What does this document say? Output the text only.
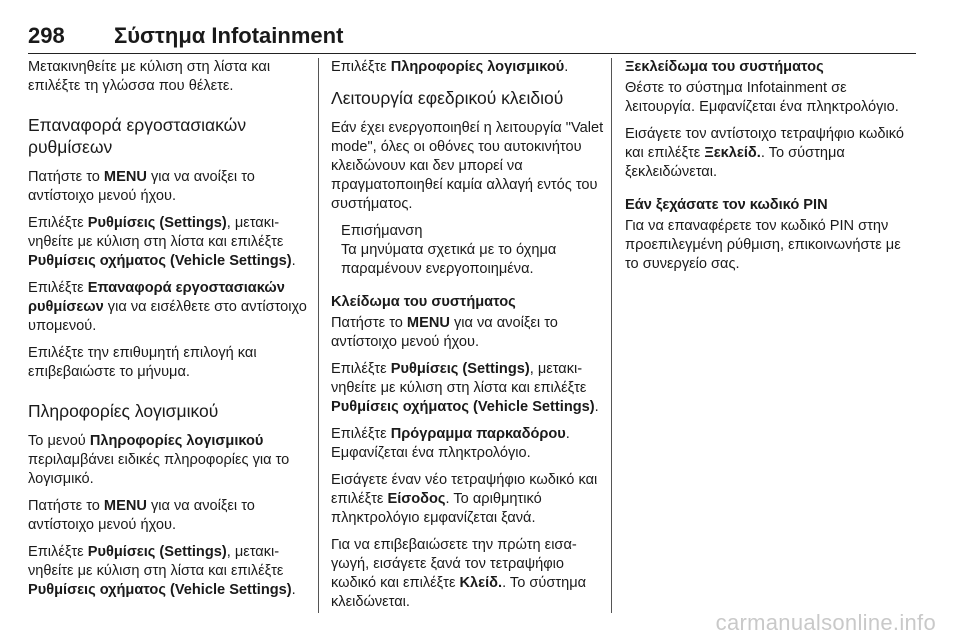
298	Σύστημα Infotainment

Μετακινηθείτε με κύλιση στη λίστα και επιλέξτε τη γλώσσα που θέλετε.

Επαναφορά εργοστασιακών ρυθμίσεων

Πατήστε το MENU για να ανοίξει το αντίστοιχο μενού ήχου.

Επιλέξτε Ρυθμίσεις (Settings), μετακινηθείτε με κύλιση στη λίστα και επιλέξτε Ρυθμίσεις οχήματος (Vehicle Settings).

Επιλέξτε Επαναφορά εργοστασιακών ρυθμίσεων για να εισέλθετε στο αντίστοιχο υπομενού.

Επιλέξτε την επιθυμητή επιλογή και επιβεβαιώστε το μήνυμα.

Πληροφορίες λογισμικού

Το μενού Πληροφορίες λογισμικού περιλαμβάνει ειδικές πληροφορίες για το λογισμικό.

Πατήστε το MENU για να ανοίξει το αντίστοιχο μενού ήχου.

Επιλέξτε Ρυθμίσεις (Settings), μετακινηθείτε με κύλιση στη λίστα και επιλέξτε Ρυθμίσεις οχήματος (Vehicle Settings).

Επιλέξτε Πληροφορίες λογισμικού.

Λειτουργία εφεδρικού κλειδιού

Εάν έχει ενεργοποιηθεί η λειτουργία "Valet mode", όλες οι οθόνες του αυτοκινήτου κλειδώνουν και δεν μπορεί να πραγματοποιηθεί καμία αλλαγή εντός του συστήματος.

Επισήμανση
Τα μηνύματα σχετικά με το όχημα παραμένουν ενεργοποιημένα.
Κλείδωμα του συστήματος

Πατήστε το MENU για να ανοίξει το αντίστοιχο μενού ήχου.

Επιλέξτε Ρυθμίσεις (Settings), μετακινηθείτε με κύλιση στη λίστα και επιλέξτε Ρυθμίσεις οχήματος (Vehicle Settings).

Επιλέξτε Πρόγραμμα παρκαδόρου.
Εμφανίζεται ένα πληκτρολόγιο.

Εισάγετε έναν νέο τετραψήφιο κωδικό και επιλέξτε Είσοδος. Το αριθμητικό πληκτρολόγιο εμφανίζεται ξανά.

Για να επιβεβαιώσετε την πρώτη εισαγωγή, εισάγετε ξανά τον τετραψήφιο κωδικό και επιλέξτε Κλείδ.. Το σύστημα κλειδώνεται.

Ξεκλείδωμα του συστήματος

Θέστε το σύστημα Infotainment σε λειτουργία. Εμφανίζεται ένα πληκτρολόγιο.

Εισάγετε τον αντίστοιχο τετραψήφιο κωδικό και επιλέξτε Ξεκλείδ.. Το σύστημα ξεκλειδώνεται.

Εάν ξεχάσατε τον κωδικό PIN

Για να επαναφέρετε τον κωδικό PIN στην προεπιλεγμένη ρύθμιση, επικοινωνήστε με το συνεργείο σας.

carmanualsonline.info
